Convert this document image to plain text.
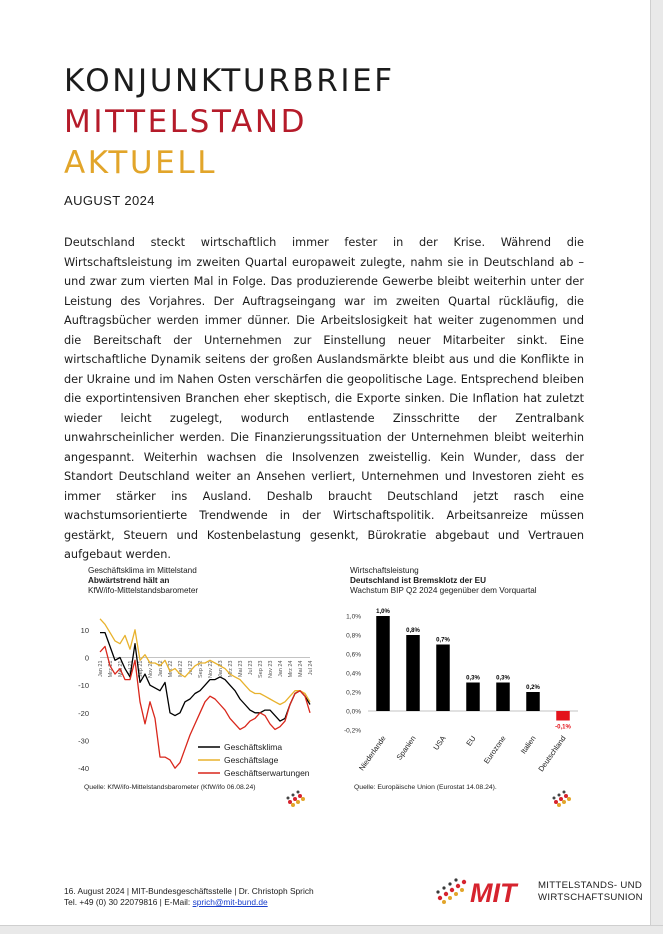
KONJUNKTURBRIEF
MITTELSTAND
AKTUELL
AUGUST 2024

Deutschland steckt wirtschaftlich immer fester in der Krise. Während die Wirtschaftsleistung im zweiten Quartal europaweit zulegte, nahm sie in Deutschland ab – und zwar zum vierten Mal in Folge. Das produzierende Gewerbe bleibt weiterhin unter der Leistung des Vorjahres. Der Auftragseingang war im zweiten Quartal rückläufig, die Auftragsbücher werden immer dünner. Die Arbeitslosigkeit hat weiter zugenommen und die Bereitschaft der Unternehmen zur Einstellung neuer Mitarbeiter sinkt. Eine wirtschaftliche Dynamik seitens der großen Auslandsmärkte bleibt aus und die Konflikte in der Ukraine und im Nahen Osten verschärfen die geopolitische Lage. Entsprechend bleiben die exportintensiven Branchen eher skeptisch, die Exporte sinken. Die Inflation hat zuletzt wieder leicht zugelegt, wodurch entlastende Zinsschritte der Zentralbank unwahrscheinlicher werden. Die Finanzierungssituation der Unternehmen bleibt weiterhin angespannt. Weiterhin wachsen die Insolvenzen zweistellig. Kein Wunder, dass der Standort Deutschland weiter an Ansehen verliert, Unternehmen und Investoren zieht es immer stärker ins Ausland. Deshalb braucht Deutschland jetzt rasch eine wachstumsorientierte Trendwende in der Wirtschaftspolitik. Arbeitsanreize müssen gestärkt, Steuern und Kostenbelastung gesenkt, Bürokratie abgebaut und Vertrauen aufgebaut werden.

Geschäftsklima im Mittelstand
Abwärtstrend hält an
KfW/ifo-Mittelstandsbarometer
10
0
-10
-20
-30
-40
Jan 21 Mrz 21 Mai 21 Jul 21 Sep 21 Nov 21 Jan 22 Mrz 22 Mai 22 Jul 22 Sep 22 Nov 22 Jan 23 Mrz 23 Mai 23 Jul 23 Sep 23 Nov 23 Jan 24 Mrz 24 Mai 24 Jul 24
Geschäftsklima
Geschäftslage
Geschäftserwartungen
Quelle: KfW/ifo-Mittelstandsbarometer (KfW/ifo 06.08.24)
Wirtschaftsleistung
Deutschland ist Bremsklotz der EU
Wachstum BIP Q2 2024 gegenüber dem Vorquartal
1,0%
0,8%
0,6%
0,4%
0,2%
0,0%
-0,2%
1,0%
Niederlande
0,8%
Spanien
0,7%
USA
0,3%
EU
0,3%
Eurozone
0,2%
Italien
-0,1%
Deutschland
Quelle: Europäische Union (Eurostat 14.08.24).
16. August 2024 | MIT-Bundesgeschäftsstelle | Dr. Christoph Sprich
Tel. +49 (0) 30 22079816 | E-Mail: sprich@mit-bund.de	MIT MITTELSTANDS- UND
WIRTSCHAFTSUNION
